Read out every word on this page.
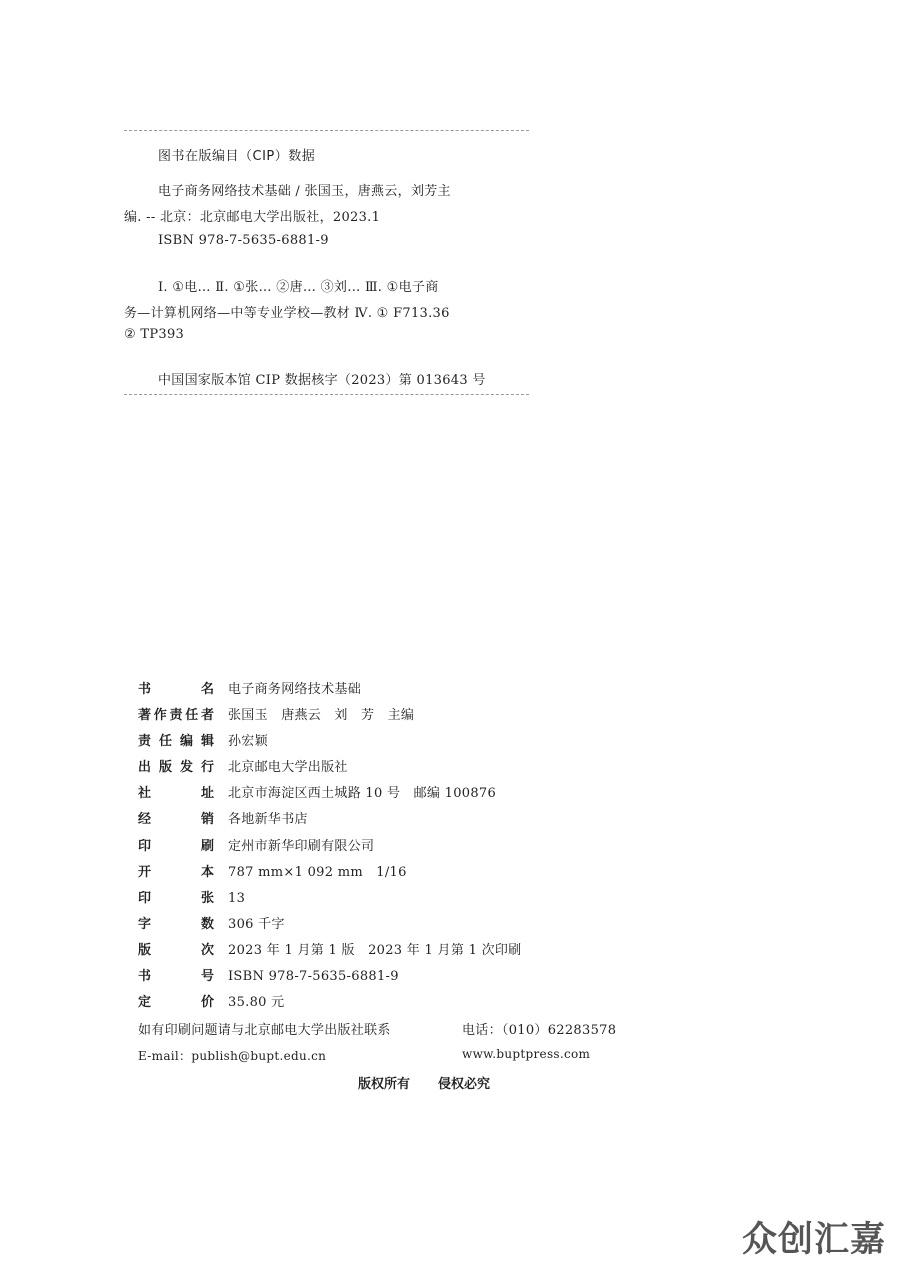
图书在版编目（CIP）数据
电子商务网络技术基础 / 张国玉，唐燕云，刘芳主
编. -- 北京：北京邮电大学出版社，2023.1
ISBN 978-7-5635-6881-9
Ⅰ. ①电… Ⅱ. ①张… ②唐… ③刘… Ⅲ. ①电子商
务—计算机网络—中等专业学校—教材 Ⅳ. ① F713.36
② TP393
中国国家版本馆 CIP 数据核字（2023）第 013643 号
书	名 电子商务网络技术基础
著 作 责 任 者 张国玉　唐燕云　刘　芳　主编
责 任 编 辑 孙宏颖
出 版 发 行 北京邮电大学出版社
社	址 北京市海淀区西土城路 10 号　邮编 100876
经	销 各地新华书店
印	刷 定州市新华印刷有限公司
开	本 787 mm×1 092 mm　1/16
印	张 13
字	数 306 千字
版	次 2023 年 1 月第 1 版　2023 年 1 月第 1 次印刷
书	号 ISBN 978-7-5635-6881-9
定	价 35.80 元
如有印刷问题请与北京邮电大学出版社联系	电话：（010）62283578
E-mail：publish@bupt.edu.cn	www.buptpress.com
版权所有 侵权必究
众创汇嘉
